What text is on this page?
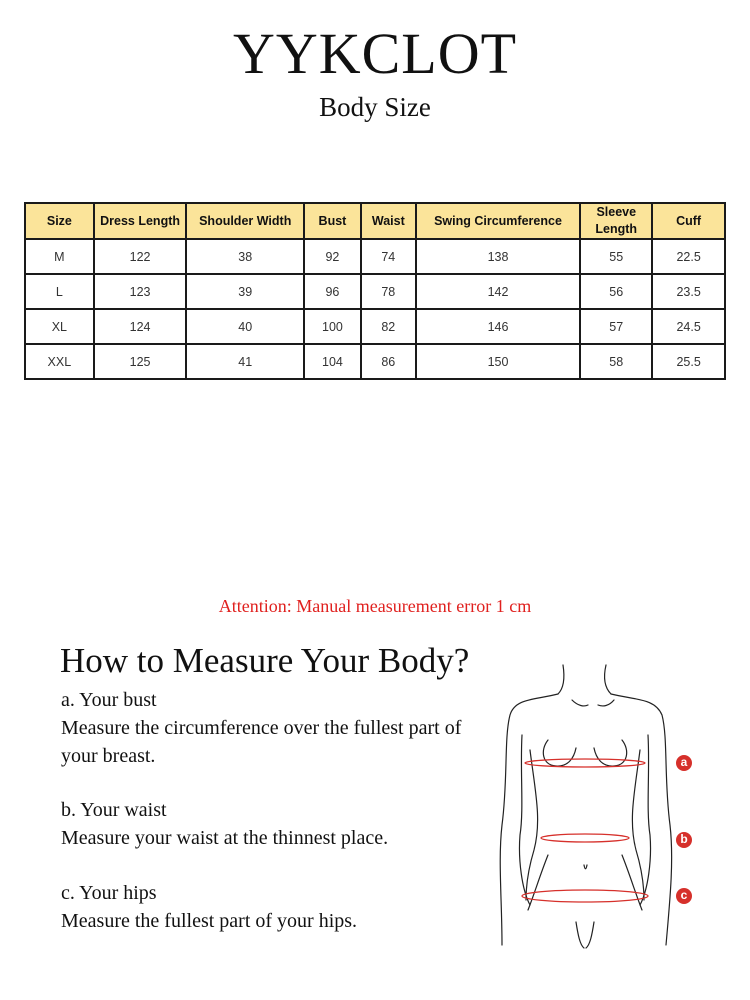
YYKCLOT
Body Size
Size	Dress Length	Shoulder Width	Bust	Waist	Swing Circumference	Sleeve Length	Cuff
M	122	38	92	74	138	55	22.5
L	123	39	96	78	142	56	23.5
XL	124	40	100	82	146	57	24.5
XXL	125	41	104	86	150	58	25.5
Attention: Manual measurement error 1 cm
How to Measure Your Body?

a. Your bust

Measure the circumference over the fullest part of your breast.

b. Your waist

Measure your waist at the thinnest place.

c. Your hips

Measure the fullest part of your hips.

a
b
c
